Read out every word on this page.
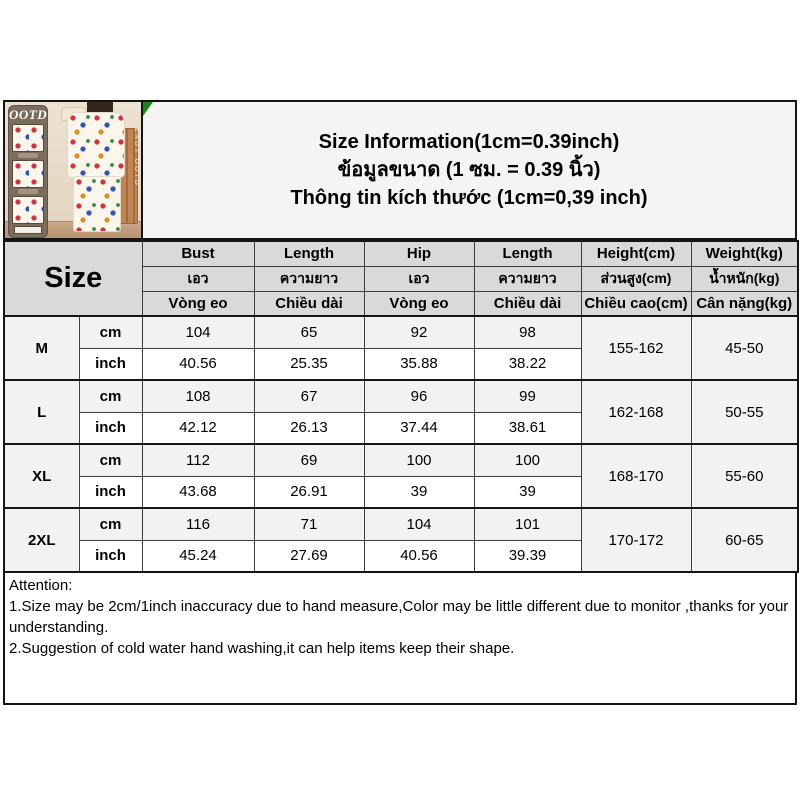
OOTD	TRENDY OOTD	Size Information(1cm=0.39inch)
ข้อมูลขนาด (1 ซม. = 0.39 นิ้ว)
Thông tin kích thước (1cm=0,39 inch)
Size		Bust	Length	Hip	Length	Height(cm)	Weight(kg)
		เอว	ความยาว	เอว	ความยาว	ส่วนสูง(cm)	น้ำหนัก(kg)
		Vòng eo	Chiều dài	Vòng eo	Chiều dài	Chiều cao(cm)	Cân nặng(kg)
M	cm	104	65	92	98	155-162	45-50
	inch	40.56	25.35	35.88	38.22		
L	cm	108	67	96	99	162-168	50-55
	inch	42.12	26.13	37.44	38.61		
XL	cm	112	69	100	100	168-170	55-60
	inch	43.68	26.91	39	39		
2XL	cm	116	71	104	101	170-172	60-65
	inch	45.24	27.69	40.56	39.39		
Attention:
1.Size may be 2cm/1inch inaccuracy due to hand measure,Color may be little different due to monitor ,thanks for your understanding.
2.Suggestion of cold water hand washing,it can help items keep their shape.
